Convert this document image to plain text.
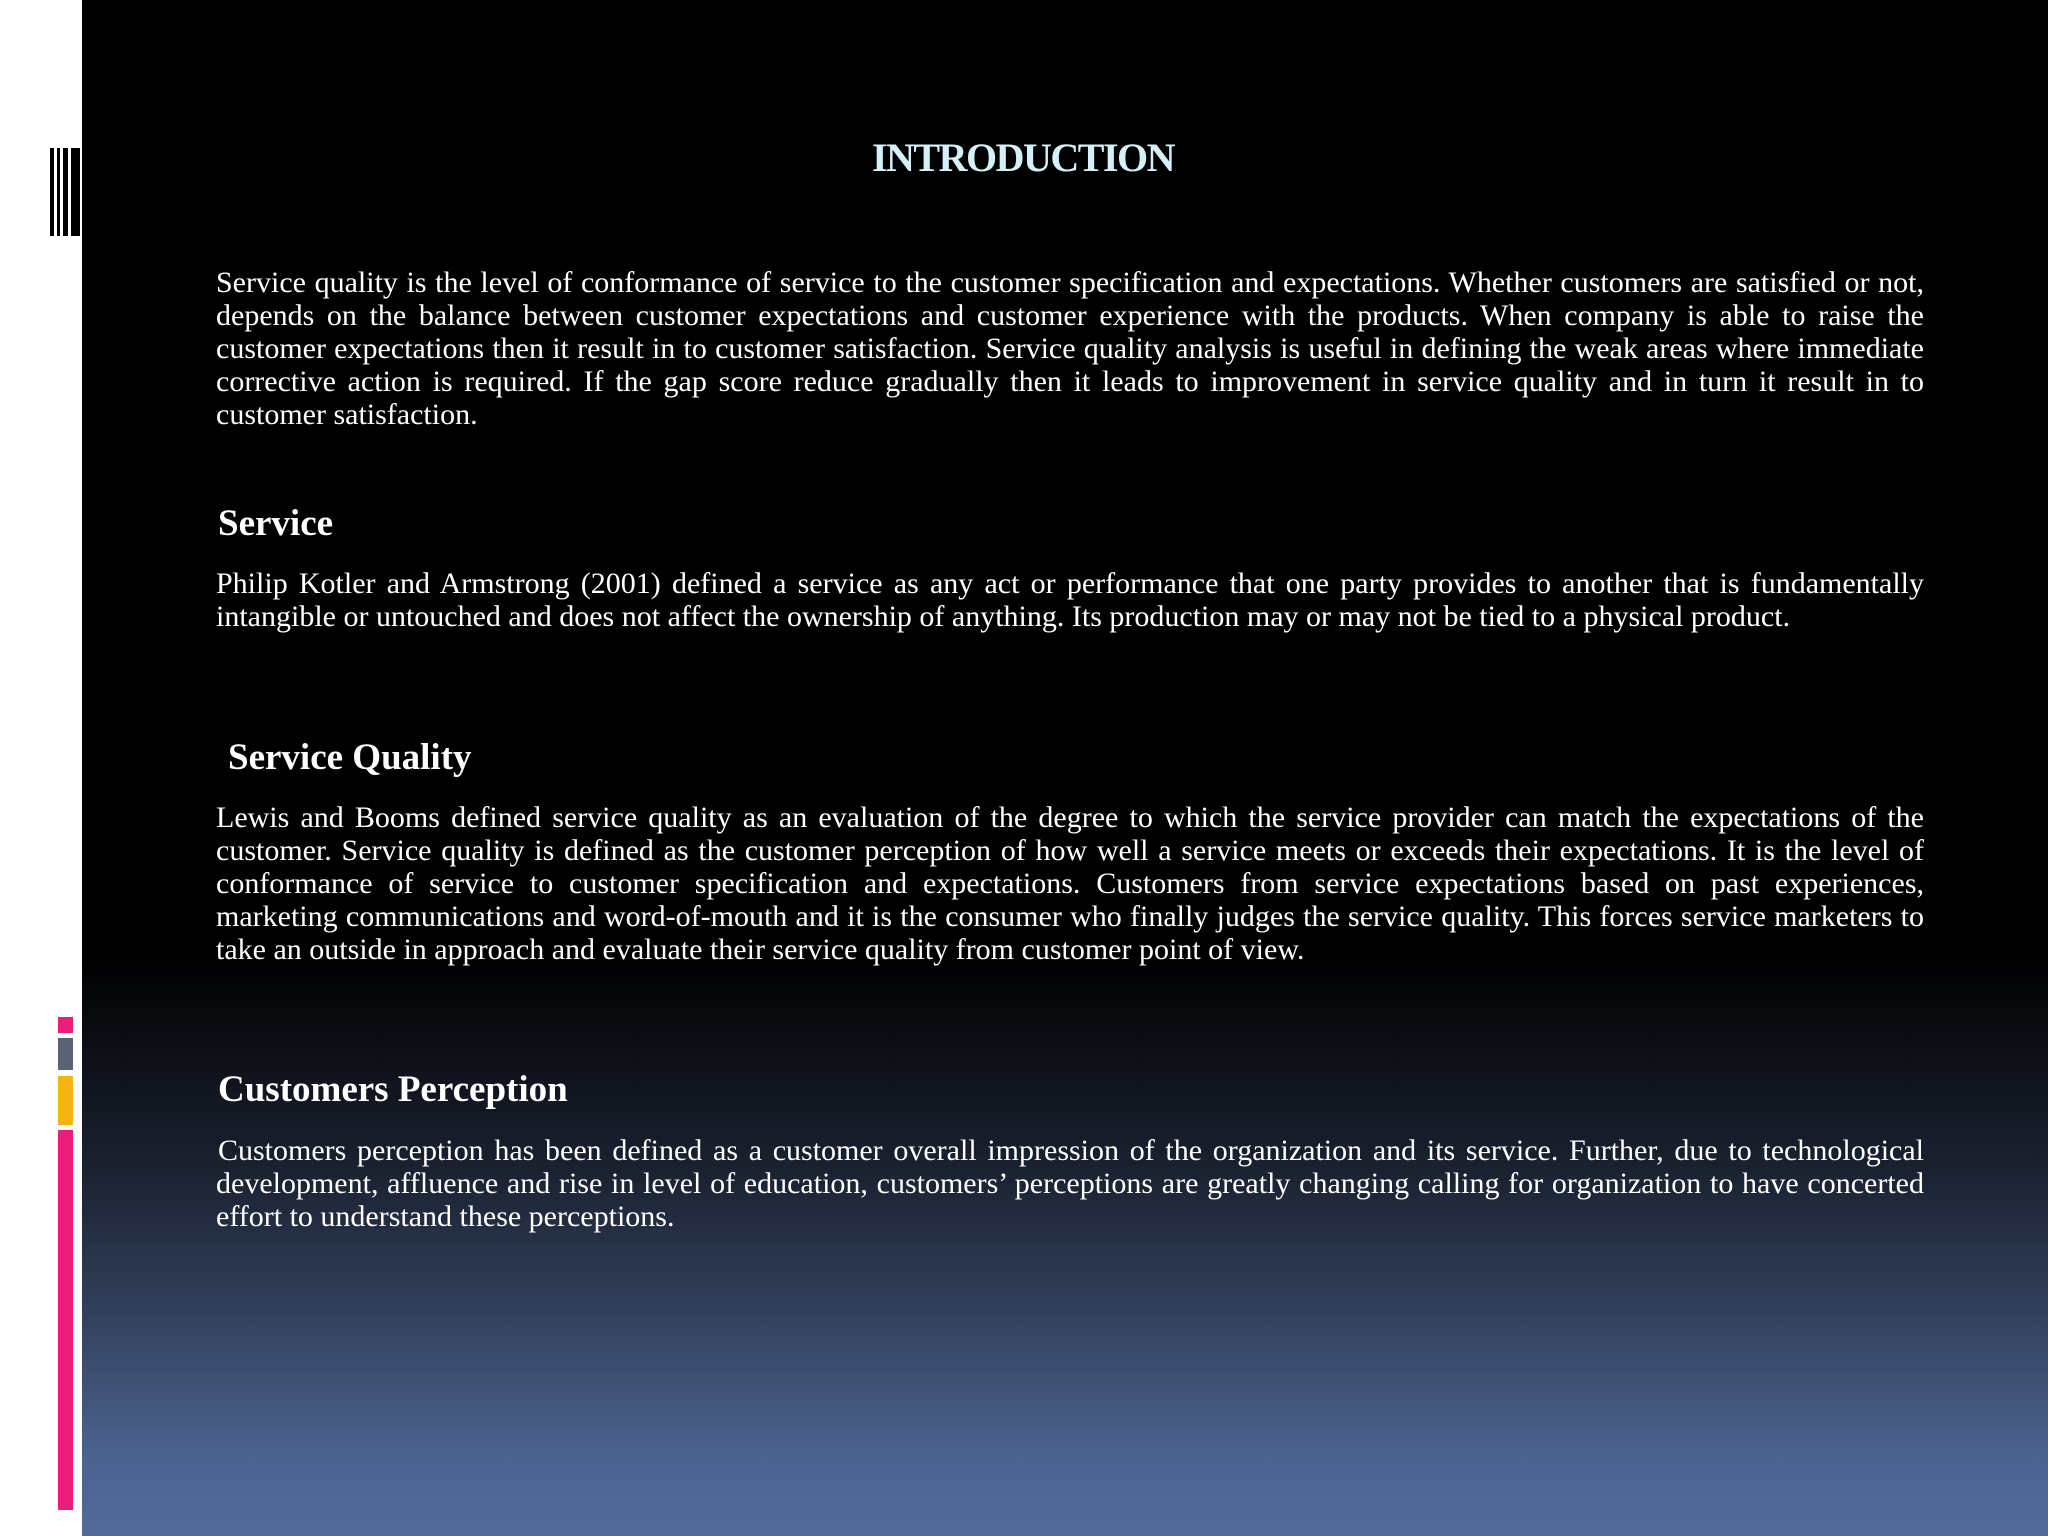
INTRODUCTION

Service quality is the level of conformance of service to the customer specification and expectations. Whether customers are satisfied or not, depends on the balance between customer expectations and customer experience with the products. When company is able to raise the customer expectations then it result in to customer satisfaction. Service quality analysis is useful in defining the weak areas where immediate corrective action is required. If the gap score reduce gradually then it leads to improvement in service quality and in turn it result in to customer satisfaction.

Service

Philip Kotler and Armstrong (2001) defined a service as any act or performance that one party provides to another that is fundamentally intangible or untouched and does not affect the ownership of anything. Its production may or may not be tied to a physical product.

Service Quality

Lewis and Booms defined service quality as an evaluation of the degree to which the service provider can match the expectations of the customer. Service quality is defined as the customer perception of how well a service meets or exceeds their expectations. It is the level of conformance of service to customer specification and expectations. Customers from service expectations based on past experiences, marketing communications and word-of-mouth and it is the consumer who finally judges the service quality. This forces service marketers to take an outside in approach and evaluate their service quality from customer point of view.

Customers Perception

Customers perception has been defined as a customer overall impression of the organization and its service. Further, due to technological development, affluence and rise in level of education, customers’ perceptions are greatly changing calling for organization to have concerted effort to understand these perceptions.
